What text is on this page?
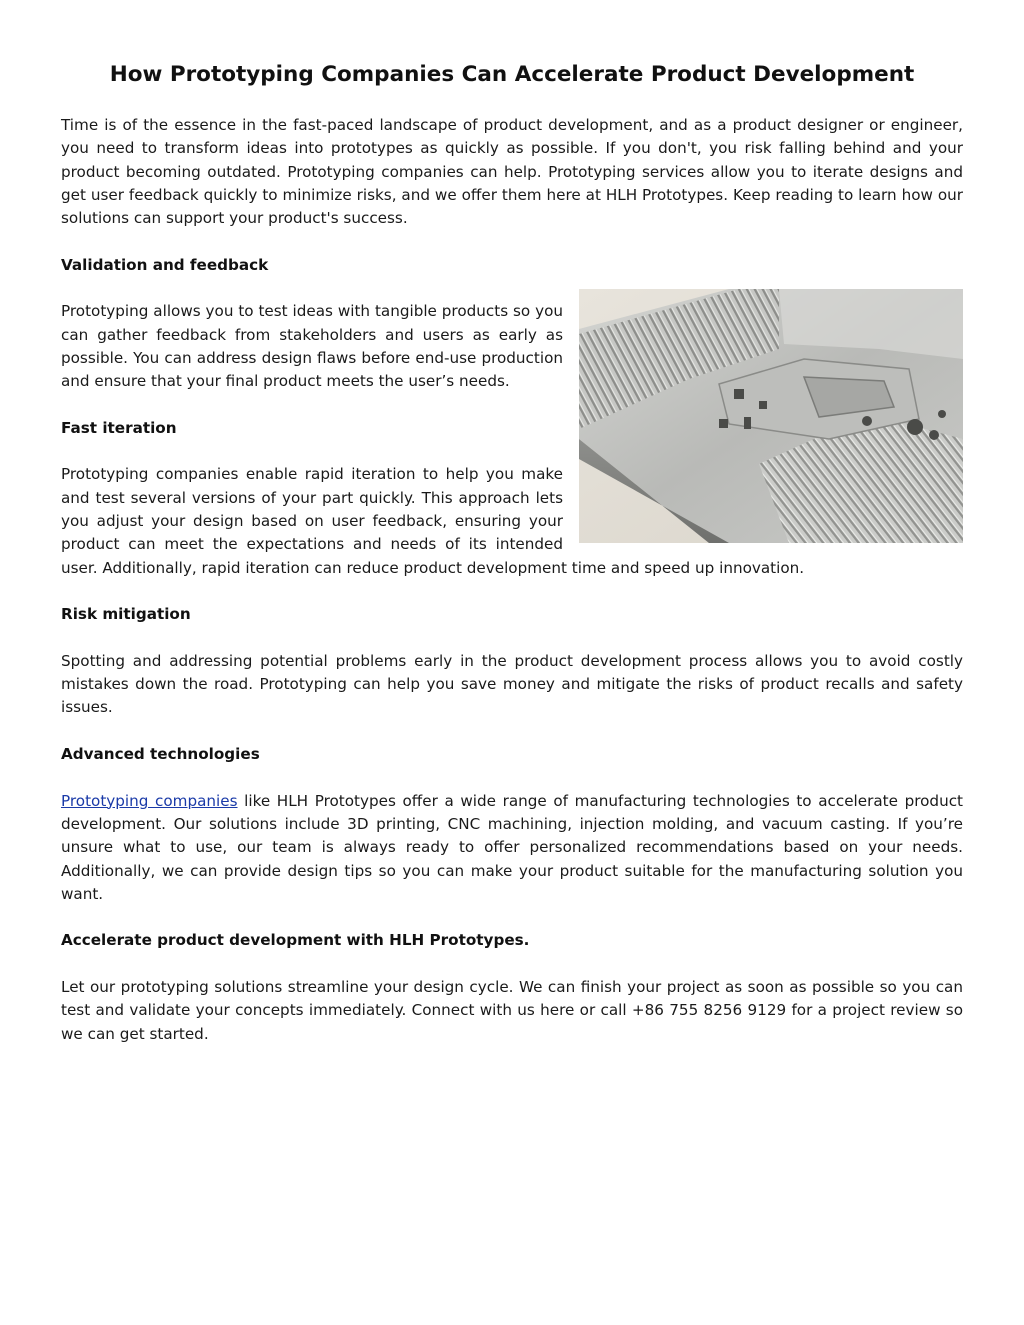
How Prototyping Companies Can Accelerate Product Development

Time is of the essence in the fast-paced landscape of product development, and as a product designer or engineer, you need to transform ideas into prototypes as quickly as possible. If you don't, you risk falling behind and your product becoming outdated. Prototyping companies can help. Prototyping services allow you to iterate designs and get user feedback quickly to minimize risks, and we offer them here at HLH Prototypes. Keep reading to learn how our solutions can support your product's success.

Validation and feedback

Prototyping allows you to test ideas with tangible products so you can gather feedback from stakeholders and users as early as possible. You can address design flaws before end-use production and ensure that your final product meets the user’s needs.

Fast iteration

Prototyping companies enable rapid iteration to help you make and test several versions of your part quickly. This approach lets you adjust your design based on user feedback, ensuring your product can meet the expectations and needs of its intended user. Additionally, rapid iteration can reduce product development time and speed up innovation.

Risk mitigation

Spotting and addressing potential problems early in the product development process allows you to avoid costly mistakes down the road. Prototyping can help you save money and mitigate the risks of product recalls and safety issues.

Advanced technologies

Prototyping companies like HLH Prototypes offer a wide range of manufacturing technologies to accelerate product development. Our solutions include 3D printing, CNC machining, injection molding, and vacuum casting. If you’re unsure what to use, our team is always ready to offer personalized recommendations based on your needs. Additionally, we can provide design tips so you can make your product suitable for the manufacturing solution you want.

Accelerate product development with HLH Prototypes.

Let our prototyping solutions streamline your design cycle. We can finish your project as soon as possible so you can test and validate your concepts immediately. Connect with us here or call +86 755 8256 9129 for a project review so we can get started.
